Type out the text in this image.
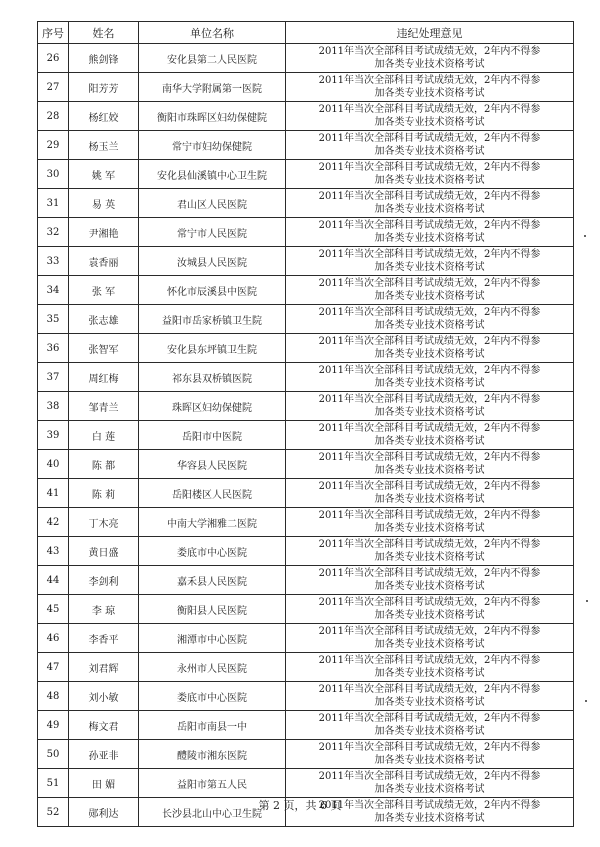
序号	姓名	单位名称	违纪处理意见
26	熊剑锋	安化县第二人民医院	2011年当次全部科目考试成绩无效，2年内不得参
加各类专业技术资格考试

27	阳芳芳	南华大学附属第一医院	2011年当次全部科目考试成绩无效，2年内不得参
加各类专业技术资格考试

28	杨红姣	衡阳市珠晖区妇幼保健院	2011年当次全部科目考试成绩无效，2年内不得参
加各类专业技术资格考试

29	杨玉兰	常宁市妇幼保健院	2011年当次全部科目考试成绩无效，2年内不得参
加各类专业技术资格考试

30	姚 军	安化县仙溪镇中心卫生院	2011年当次全部科目考试成绩无效，2年内不得参
加各类专业技术资格考试

31	易 英	君山区人民医院	2011年当次全部科目考试成绩无效，2年内不得参
加各类专业技术资格考试

32	尹湘艳	常宁市人民医院	2011年当次全部科目考试成绩无效，2年内不得参
加各类专业技术资格考试

33	袁香丽	汝城县人民医院	2011年当次全部科目考试成绩无效，2年内不得参
加各类专业技术资格考试

34	张 军	怀化市辰溪县中医院	2011年当次全部科目考试成绩无效，2年内不得参
加各类专业技术资格考试

35	张志雄	益阳市岳家桥镇卫生院	2011年当次全部科目考试成绩无效，2年内不得参
加各类专业技术资格考试

36	张智军	安化县东坪镇卫生院	2011年当次全部科目考试成绩无效，2年内不得参
加各类专业技术资格考试

37	周红梅	祁东县双桥镇医院	2011年当次全部科目考试成绩无效，2年内不得参
加各类专业技术资格考试

38	邹青兰	珠晖区妇幼保健院	2011年当次全部科目考试成绩无效，2年内不得参
加各类专业技术资格考试

39	白 莲	岳阳市中医院	2011年当次全部科目考试成绩无效，2年内不得参
加各类专业技术资格考试

40	陈 都	华容县人民医院	2011年当次全部科目考试成绩无效，2年内不得参
加各类专业技术资格考试

41	陈 莉	岳阳楼区人民医院	2011年当次全部科目考试成绩无效，2年内不得参
加各类专业技术资格考试

42	丁木亮	中南大学湘雅二医院	2011年当次全部科目考试成绩无效，2年内不得参
加各类专业技术资格考试

43	黄日盛	娄底市中心医院	2011年当次全部科目考试成绩无效，2年内不得参
加各类专业技术资格考试

44	李剑利	嘉禾县人民医院	2011年当次全部科目考试成绩无效，2年内不得参
加各类专业技术资格考试

45	李 琼	衡阳县人民医院	2011年当次全部科目考试成绩无效，2年内不得参
加各类专业技术资格考试

46	李香平	湘潭市中心医院	2011年当次全部科目考试成绩无效，2年内不得参
加各类专业技术资格考试

47	刘君辉	永州市人民医院	2011年当次全部科目考试成绩无效，2年内不得参
加各类专业技术资格考试

48	刘小敏	娄底市中心医院	2011年当次全部科目考试成绩无效，2年内不得参
加各类专业技术资格考试

49	梅文君	岳阳市南县一中	2011年当次全部科目考试成绩无效，2年内不得参
加各类专业技术资格考试

50	孙亚非	醴陵市湘东医院	2011年当次全部科目考试成绩无效，2年内不得参
加各类专业技术资格考试

51	田 媚	益阳市第五人民	2011年当次全部科目考试成绩无效，2年内不得参
加各类专业技术资格考试

52	郧利达	长沙县北山中心卫生院	2011年当次全部科目考试成绩无效，2年内不得参
加各类专业技术资格考试
第 2 页，共 6 页
